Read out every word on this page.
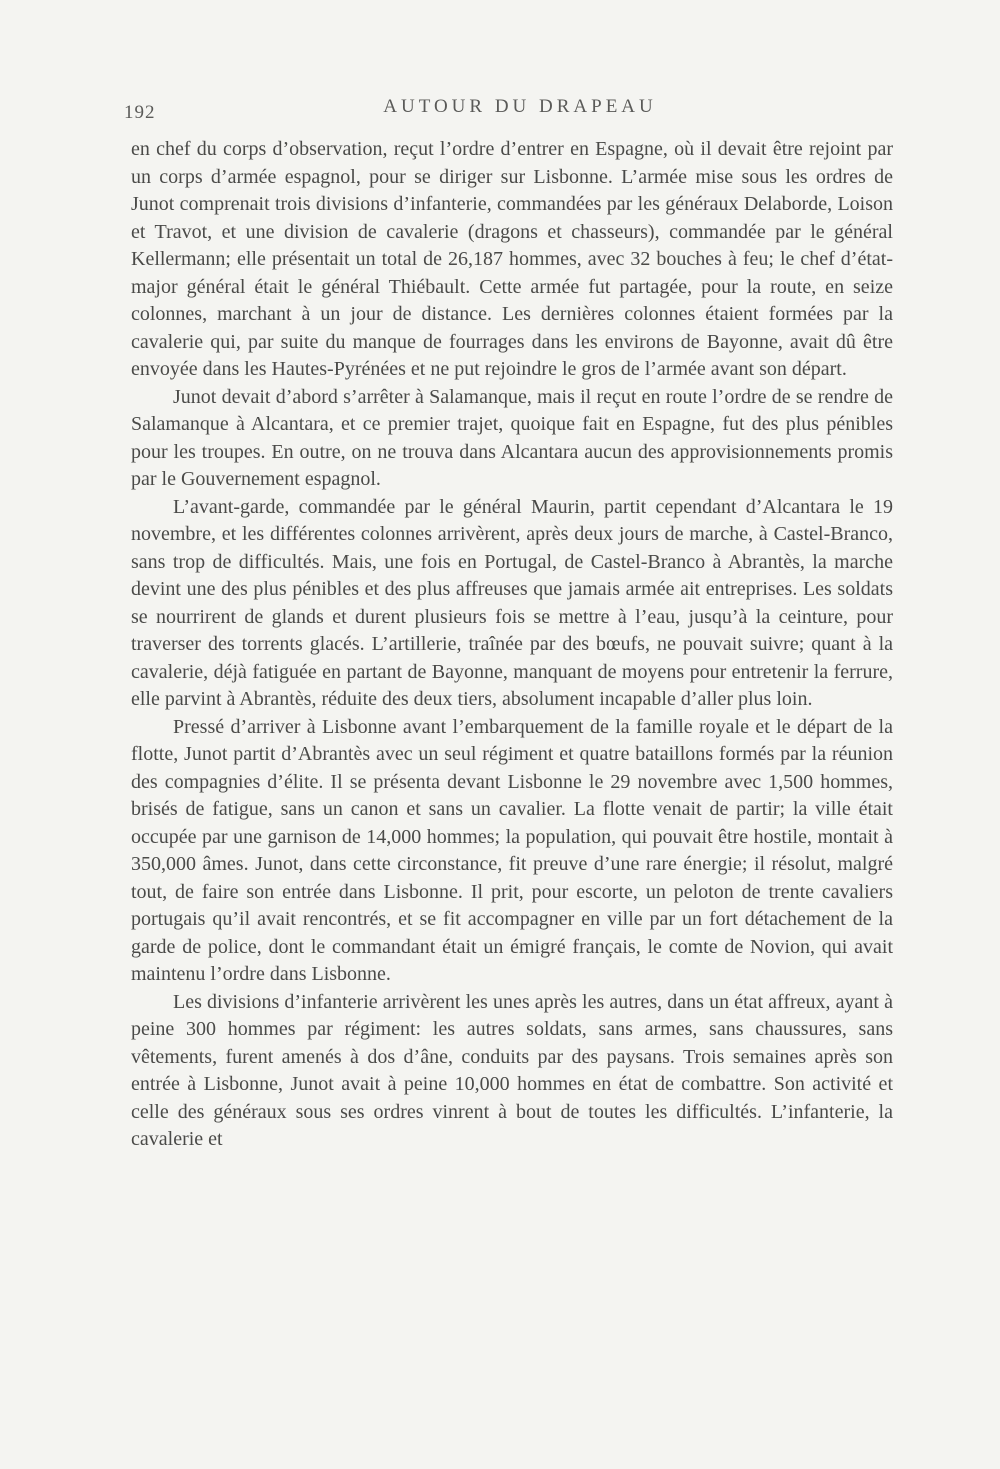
192	AUTOUR DU DRAPEAU

en chef du corps d’observation, reçut l’ordre d’entrer en Espagne, où il devait être rejoint par un corps d’armée espagnol, pour se diriger sur Lisbonne. L’armée mise sous les ordres de Junot comprenait trois divisions d’infanterie, commandées par les généraux Delaborde, Loison et Travot, et une division de cavalerie (dragons et chasseurs), commandée par le général Kellermann; elle présentait un total de 26,187 hommes, avec 32 bouches à feu; le chef d’état-major général était le général Thiébault. Cette armée fut partagée, pour la route, en seize colonnes, marchant à un jour de distance. Les dernières colonnes étaient formées par la cavalerie qui, par suite du manque de fourrages dans les environs de Bayonne, avait dû être envoyée dans les Hautes-Pyrénées et ne put rejoindre le gros de l’armée avant son départ.

Junot devait d’abord s’arrêter à Salamanque, mais il reçut en route l’ordre de se rendre de Salamanque à Alcantara, et ce premier trajet, quoique fait en Espagne, fut des plus pénibles pour les troupes. En outre, on ne trouva dans Alcantara aucun des approvisionnements promis par le Gouvernement espagnol.

L’avant-garde, commandée par le général Maurin, partit cependant d’Alcantara le 19 novembre, et les différentes colonnes arrivèrent, après deux jours de marche, à Castel-Branco, sans trop de difficultés. Mais, une fois en Portugal, de Castel-Branco à Abrantès, la marche devint une des plus pénibles et des plus affreuses que jamais armée ait entreprises. Les soldats se nourrirent de glands et durent plusieurs fois se mettre à l’eau, jusqu’à la ceinture, pour traverser des torrents glacés. L’artillerie, traînée par des bœufs, ne pouvait suivre; quant à la cavalerie, déjà fatiguée en partant de Bayonne, manquant de moyens pour entretenir la ferrure, elle parvint à Abrantès, réduite des deux tiers, absolument incapable d’aller plus loin.

Pressé d’arriver à Lisbonne avant l’embarquement de la famille royale et le départ de la flotte, Junot partit d’Abrantès avec un seul régiment et quatre bataillons formés par la réunion des compagnies d’élite. Il se présenta devant Lisbonne le 29 novembre avec 1,500 hommes, brisés de fatigue, sans un canon et sans un cavalier. La flotte venait de partir; la ville était occupée par une garnison de 14,000 hommes; la population, qui pouvait être hostile, montait à 350,000 âmes. Junot, dans cette circonstance, fit preuve d’une rare énergie; il résolut, malgré tout, de faire son entrée dans Lisbonne. Il prit, pour escorte, un peloton de trente cavaliers portugais qu’il avait rencontrés, et se fit accompagner en ville par un fort détachement de la garde de police, dont le commandant était un émigré français, le comte de Novion, qui avait maintenu l’ordre dans Lisbonne.

Les divisions d’infanterie arrivèrent les unes après les autres, dans un état affreux, ayant à peine 300 hommes par régiment: les autres soldats, sans armes, sans chaussures, sans vêtements, furent amenés à dos d’âne, conduits par des paysans. Trois semaines après son entrée à Lisbonne, Junot avait à peine 10,000 hommes en état de combattre. Son activité et celle des généraux sous ses ordres vinrent à bout de toutes les difficultés. L’infanterie, la cavalerie et
